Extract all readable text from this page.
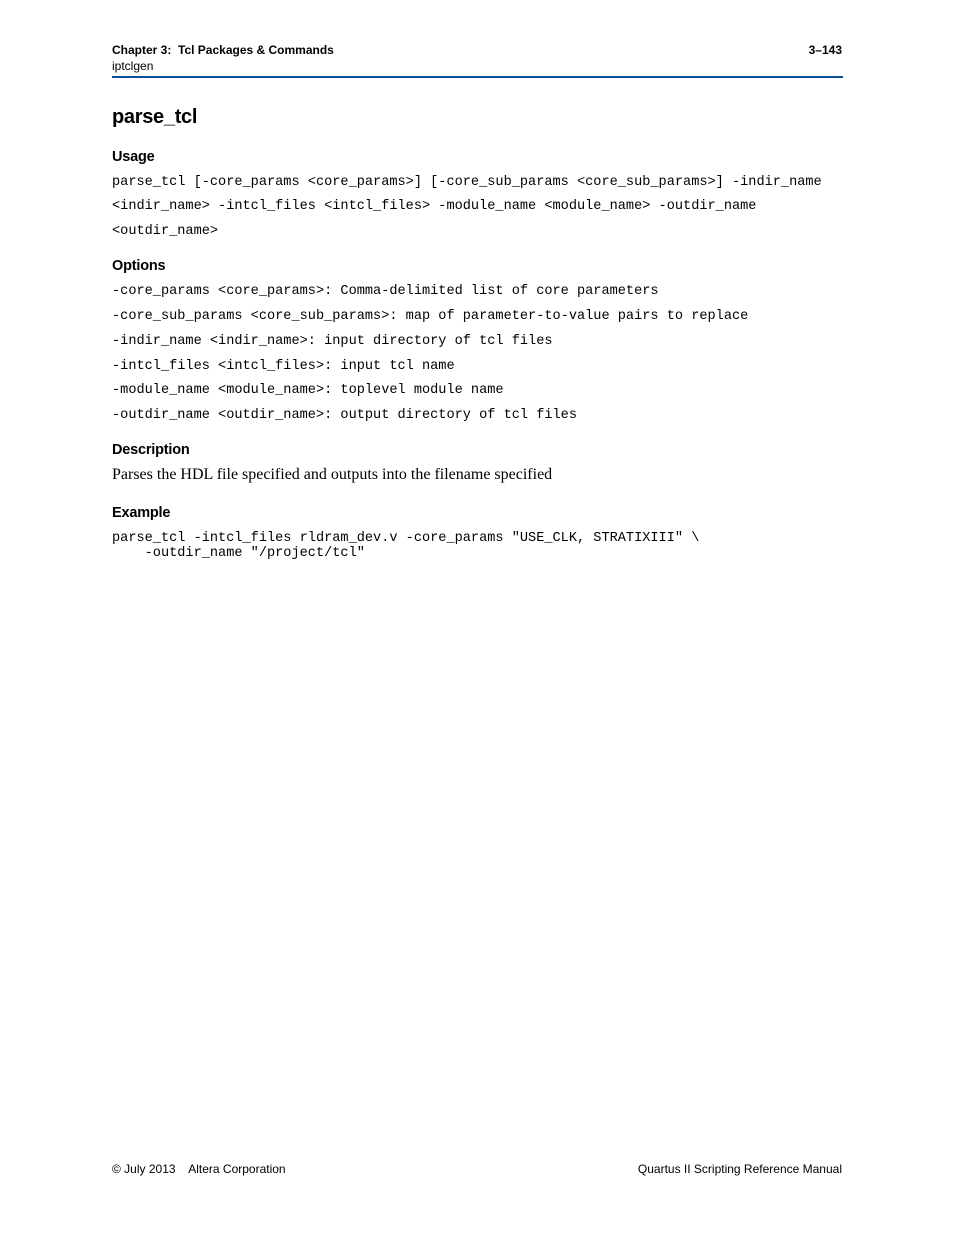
Chapter 3:  Tcl Packages & Commands	3–143
iptclgen
parse_tcl
Usage
parse_tcl [-core_params <core_params>] [-core_sub_params <core_sub_params>] -indir_name
<indir_name> -intcl_files <intcl_files> -module_name <module_name> -outdir_name
<outdir_name>
Options
-core_params <core_params>: Comma-delimited list of core parameters
-core_sub_params <core_sub_params>: map of parameter-to-value pairs to replace
-indir_name <indir_name>: input directory of tcl files
-intcl_files <intcl_files>: input tcl name
-module_name <module_name>: toplevel module name
-outdir_name <outdir_name>: output directory of tcl files
Description
Parses the HDL file specified and outputs into the filename specified
Example
parse_tcl -intcl_files rldram_dev.v -core_params "USE_CLK, STRATIXIII" \
-outdir_name "/project/tcl"
© July 2013    Altera Corporation	Quartus II Scripting Reference Manual
